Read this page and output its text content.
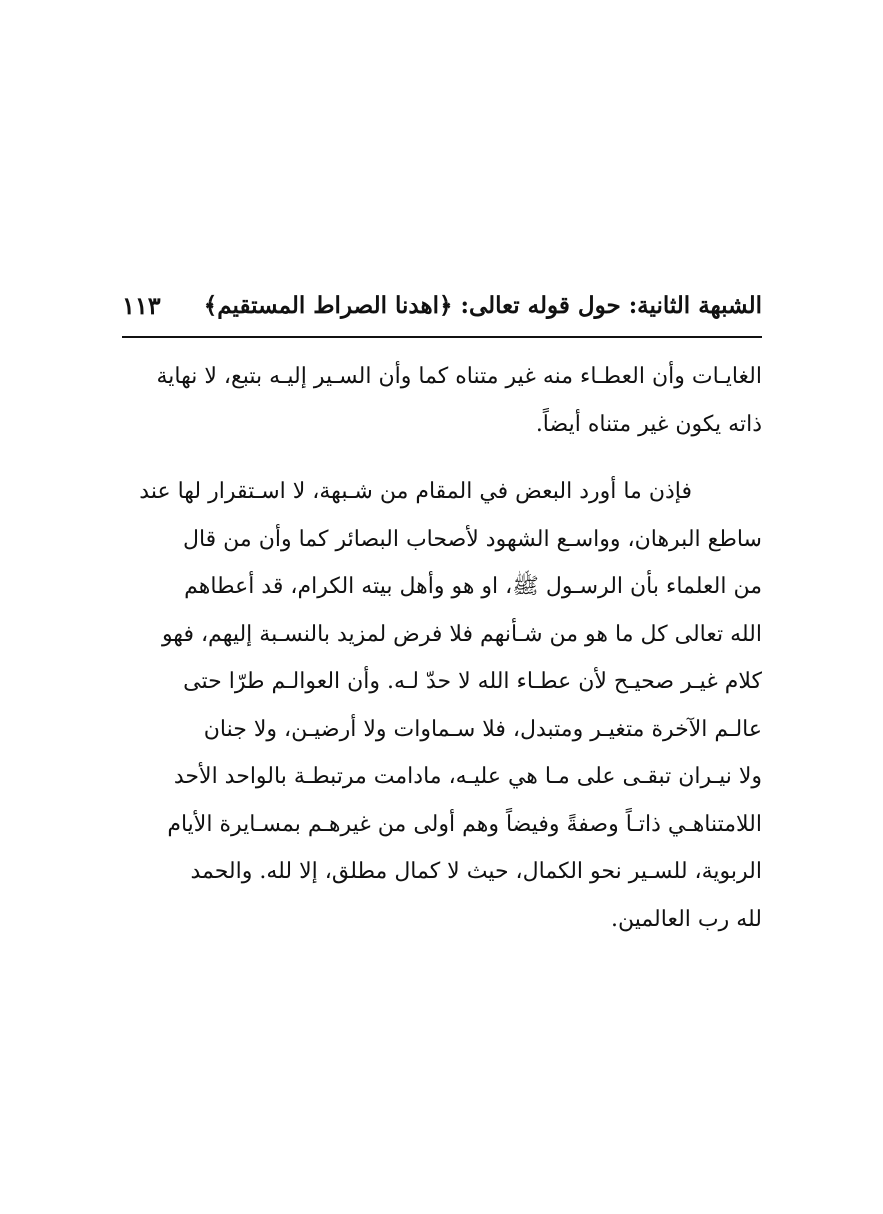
الشبهة الثانية: حول قوله تعالى: ﴿اهدنا الصراط المستقيم﴾
١١٣

الغايـات وأن العطـاء منه غير متناه كما وأن السـير إليـه بتبع، لا نهاية
ذاته يكون غير متناه أيضاً.

فإذن ما أورد البعض في المقام من شـبهة، لا اسـتقرار لها عند
ساطع البرهان، وواسـع الشهود لأصحاب البصائر كما وأن من قال
من العلماء بأن الرسـول ﷺ، او هو وأهل بيته الكرام، قد أعطاهم
الله تعالى كل ما هو من شـأنهم فلا فرض لمزيد بالنسـبة إليهم، فهو
كلام غيـر صحيـح لأن عطـاء الله لا حدّ لـه. وأن العوالـم طرّا حتى
عالـم الآخرة متغيـر ومتبدل، فلا سـماوات ولا أرضيـن، ولا جنان
ولا نيـران تبقـى على مـا هي عليـه، مادامت مرتبطـة بالواحد الأحد
اللامتناهـي ذاتـاً وصفةً وفيضاً وهم أولى من غيرهـم بمسـايرة الأيام
الربوية، للسـير نحو الكمال، حيث لا كمال مطلق، إلا لله. والحمد
لله رب العالمين.
